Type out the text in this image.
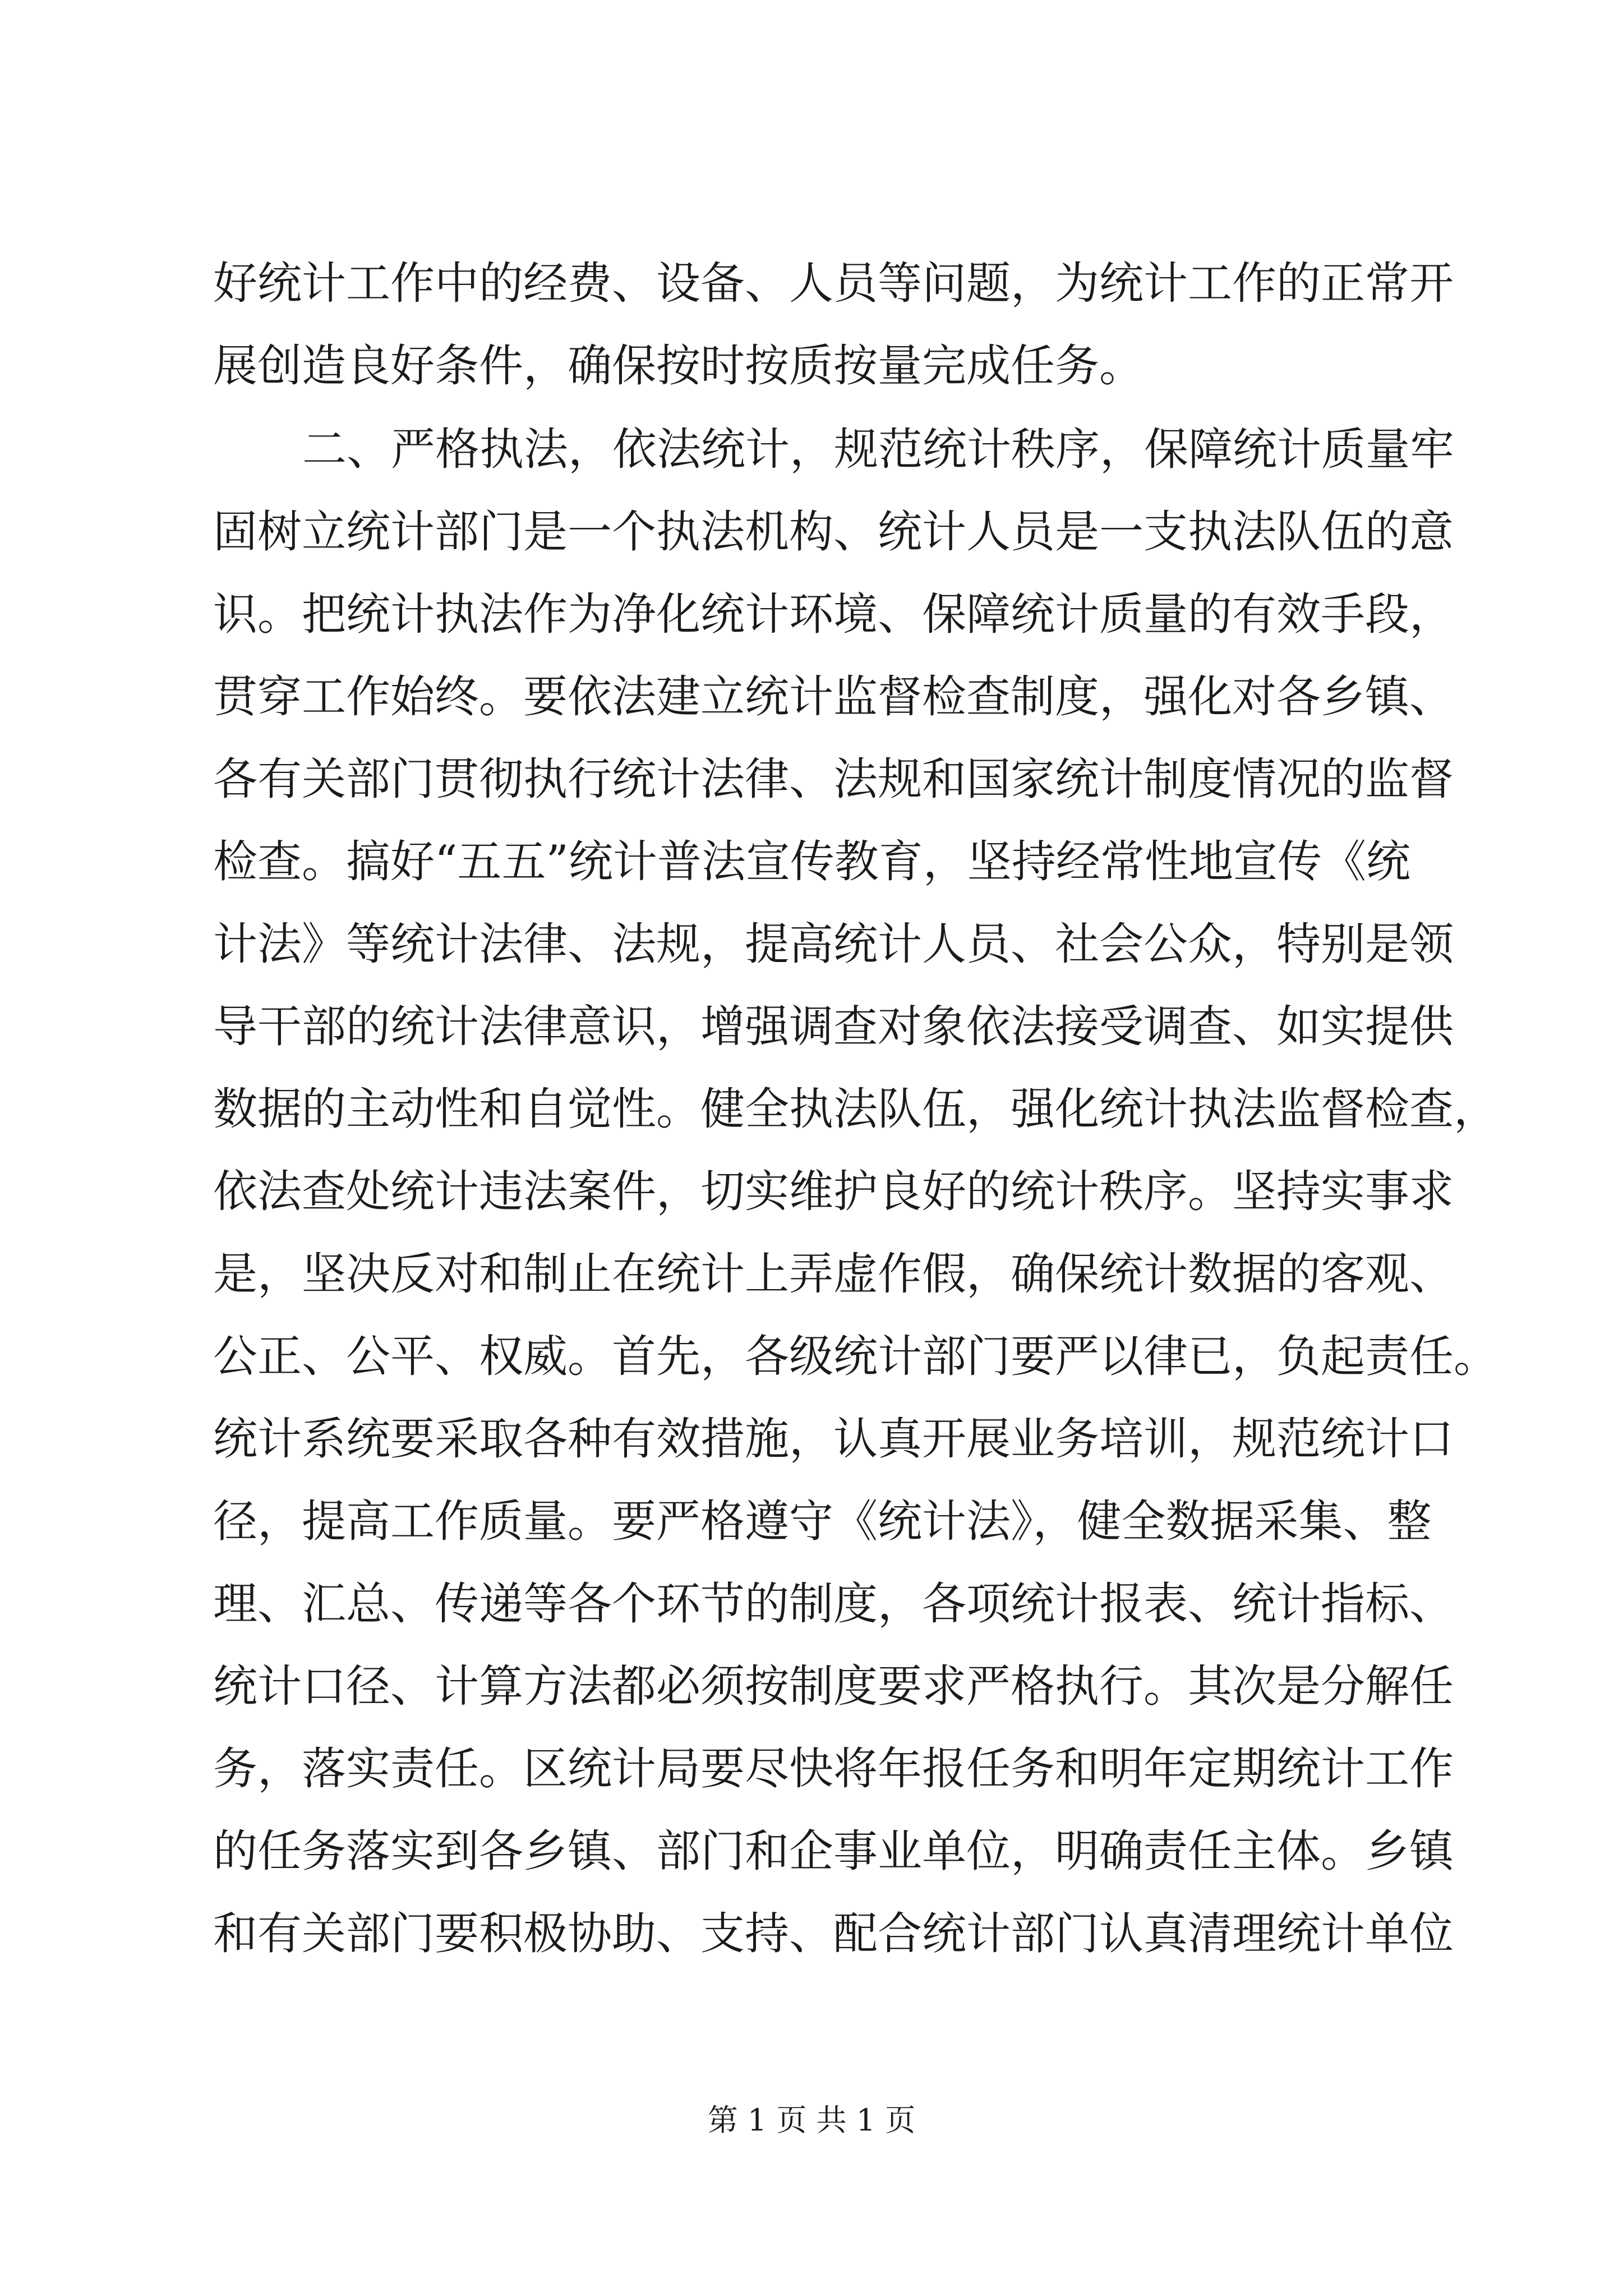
好统计工作中的经费、设备、人员等问题，为统计工作的正常开
展创造良好条件，确保按时按质按量完成任务。
二、严格执法，依法统计，规范统计秩序，保障统计质量牢
固树立统计部门是一个执法机构、统计人员是一支执法队伍的意
识。把统计执法作为净化统计环境、保障统计质量的有效手段，
贯穿工作始终。要依法建立统计监督检查制度，强化对各乡镇、
各有关部门贯彻执行统计法律、法规和国家统计制度情况的监督
检查。搞好“五五”统计普法宣传教育，坚持经常性地宣传《统
计法》等统计法律、法规，提高统计人员、社会公众，特别是领
导干部的统计法律意识，增强调查对象依法接受调查、如实提供
数据的主动性和自觉性。健全执法队伍，强化统计执法监督检查，
依法查处统计违法案件，切实维护良好的统计秩序。坚持实事求
是，坚决反对和制止在统计上弄虚作假，确保统计数据的客观、
公正、公平、权威。首先，各级统计部门要严以律已，负起责任。
统计系统要采取各种有效措施，认真开展业务培训，规范统计口
径，提高工作质量。要严格遵守《统计法》，健全数据采集、整
理、汇总、传递等各个环节的制度，各项统计报表、统计指标、
统计口径、计算方法都必须按制度要求严格执行。其次是分解任
务，落实责任。区统计局要尽快将年报任务和明年定期统计工作
的任务落实到各乡镇、部门和企事业单位，明确责任主体。乡镇
和有关部门要积极协助、支持、配合统计部门认真清理统计单位
第 1 页 共 1 页
